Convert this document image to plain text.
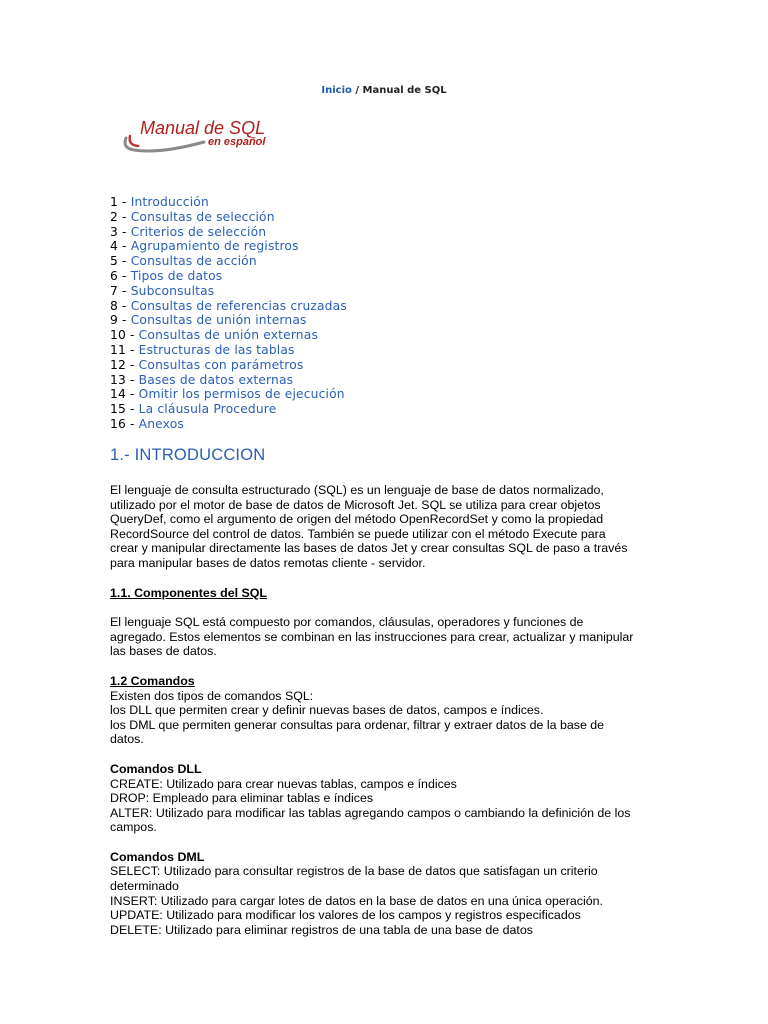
Inicio / Manual de SQL
Manual de SQL
en español
1 - Introducción
2 - Consultas de selección
3 - Criterios de selección
4 - Agrupamiento de registros
5 - Consultas de acción
6 - Tipos de datos
7 - Subconsultas
8 - Consultas de referencias cruzadas
9 - Consultas de unión internas
10 - Consultas de unión externas
11 - Estructuras de las tablas
12 - Consultas con parámetros
13 - Bases de datos externas
14 - Omitir los permisos de ejecución
15 - La cláusula Procedure
16 - Anexos
1.- INTRODUCCION

El lenguaje de consulta estructurado (SQL) es un lenguaje de base de datos normalizado,
utilizado por el motor de base de datos de Microsoft Jet. SQL se utiliza para crear objetos
QueryDef, como el argumento de origen del método OpenRecordSet y como la propiedad
RecordSource del control de datos. También se puede utilizar con el método Execute para
crear y manipular directamente las bases de datos Jet y crear consultas SQL de paso a través
para manipular bases de datos remotas cliente - servidor.

1.1. Componentes del SQL

El lenguaje SQL está compuesto por comandos, cláusulas, operadores y funciones de
agregado. Estos elementos se combinan en las instrucciones para crear, actualizar y manipular
las bases de datos.

1.2 Comandos

Existen dos tipos de comandos SQL:
los DLL que permiten crear y definir nuevas bases de datos, campos e índices.
los DML que permiten generar consultas para ordenar, filtrar y extraer datos de la base de
datos.

Comandos DLL

CREATE: Utilizado para crear nuevas tablas, campos e índices
DROP: Empleado para eliminar tablas e índices
ALTER: Utilizado para modificar las tablas agregando campos o cambiando la definición de los
campos.

Comandos DML

SELECT: Utilizado para consultar registros de la base de datos que satisfagan un criterio
determinado
INSERT: Utilizado para cargar lotes de datos en la base de datos en una única operación.
UPDATE: Utilizado para modificar los valores de los campos y registros especificados
DELETE: Utilizado para eliminar registros de una tabla de una base de datos
